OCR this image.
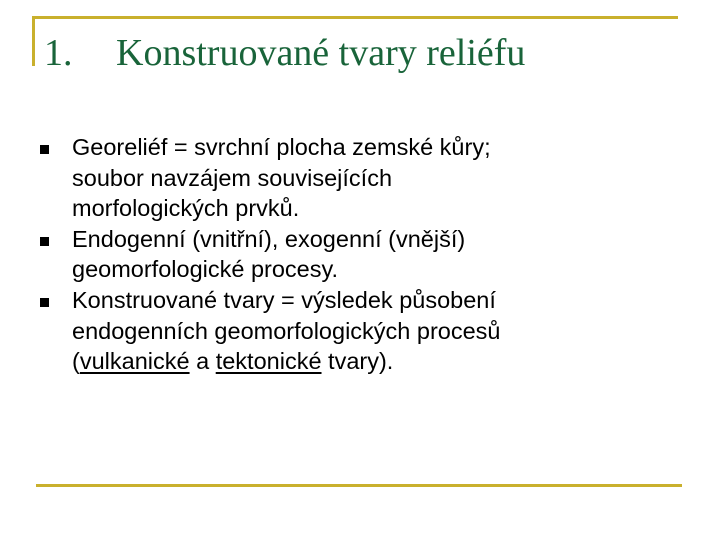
1. Konstruované tvary reliéfu
Georeliéf = svrchní plocha zemské kůry;
soubor navzájem souvisejících
morfologických prvků.
Endogenní (vnitřní), exogenní (vnější)
geomorfologické procesy.
Konstruované tvary = výsledek působení
endogenních geomorfologických procesů
(vulkanické a tektonické tvary).
